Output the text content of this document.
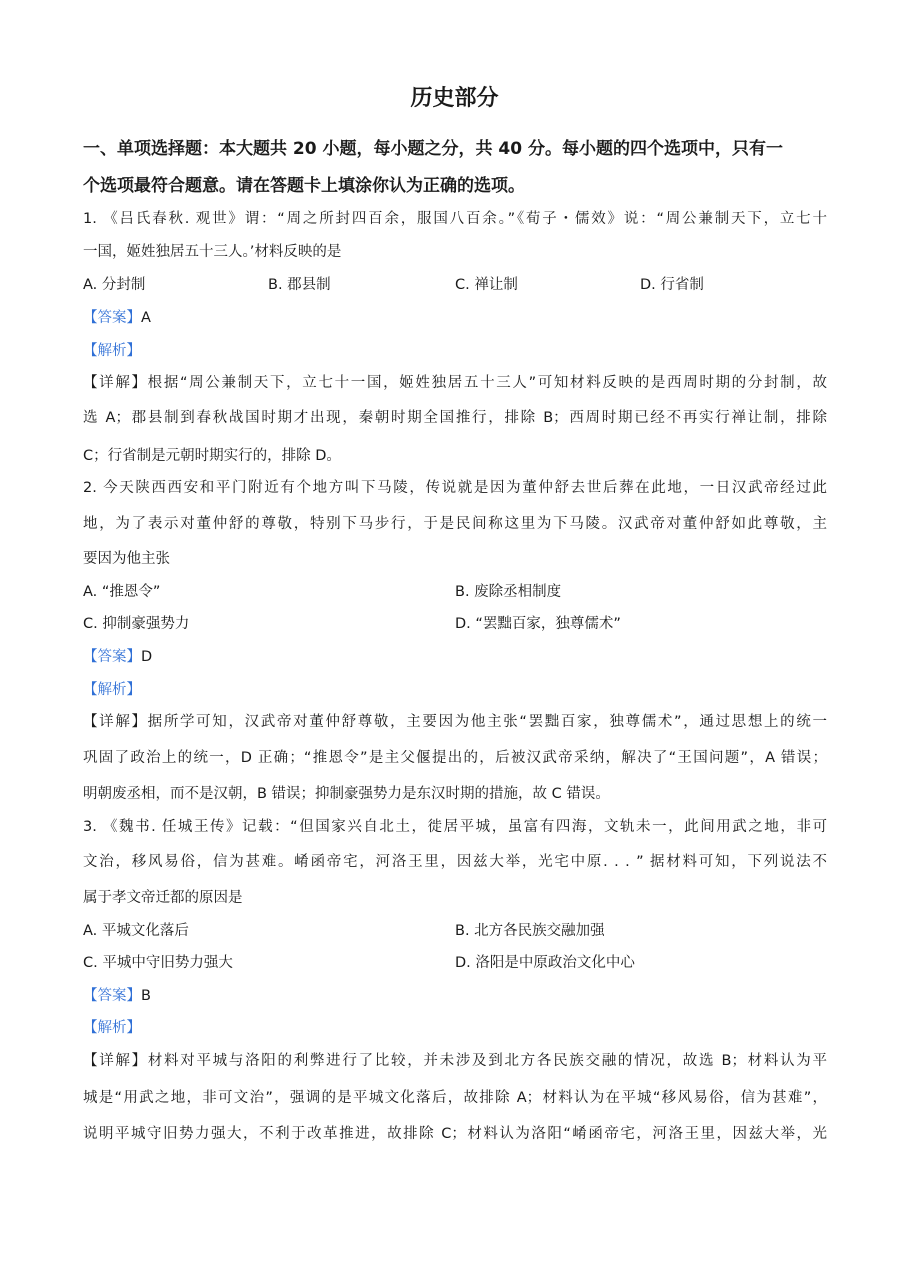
历史部分
一、单项选择题：本大题共 20 小题，每小题之分，共 40 分。每小题的四个选项中，只有一
个选项最符合题意。请在答题卡上填涂你认为正确的选项。
1. 《吕氏春秋. 观世》谓：“周之所封四百余，服国八百余。”《荀子・儒效》说：“周公兼制天下，立七十
一国，姬姓独居五十三人。’材料反映的是
A. 分封制	B. 郡县制	C. 禅让制	D. 行省制
【答案】A
【解析】
【详解】根据“周公兼制天下，立七十一国，姬姓独居五十三人”可知材料反映的是西周时期的分封制，故
选 A；郡县制到春秋战国时期才出现，秦朝时期全国推行，排除 B；西周时期已经不再实行禅让制，排除
C；行省制是元朝时期实行的，排除 D。
2. 今天陕西西安和平门附近有个地方叫下马陵，传说就是因为董仲舒去世后葬在此地，一日汉武帝经过此
地，为了表示对董仲舒的尊敬，特别下马步行，于是民间称这里为下马陵。汉武帝对董仲舒如此尊敬，主
要因为他主张
A. “推恩令”	B. 废除丞相制度
C. 抑制豪强势力	D. “罢黜百家，独尊儒术”
【答案】D
【解析】
【详解】据所学可知，汉武帝对董仲舒尊敬，主要因为他主张“罢黜百家，独尊儒术”，通过思想上的统一
巩固了政治上的统一，D 正确；“推恩令”是主父偃提出的，后被汉武帝采纳，解决了“王国问题”，A 错误；
明朝废丞相，而不是汉朝，B 错误；抑制豪强势力是东汉时期的措施，故 C 错误。
3. 《魏书. 任城王传》记载：“但国家兴自北土，徙居平城，虽富有四海，文轨未一，此间用武之地，非可
文治，移风易俗，信为甚难。崤函帝宅，河洛王里，因兹大举，光宅中原. . . ” 据材料可知，下列说法不
属于孝文帝迁都的原因是
A. 平城文化落后	B. 北方各民族交融加强
C. 平城中守旧势力强大	D. 洛阳是中原政治文化中心
【答案】B
【解析】
【详解】材料对平城与洛阳的利弊进行了比较，并未涉及到北方各民族交融的情况，故选 B；材料认为平
城是“用武之地，非可文治”，强调的是平城文化落后，故排除 A；材料认为在平城“移风易俗，信为甚难”，
说明平城守旧势力强大，不利于改革推进，故排除 C；材料认为洛阳“崤函帝宅，河洛王里，因兹大举，光
